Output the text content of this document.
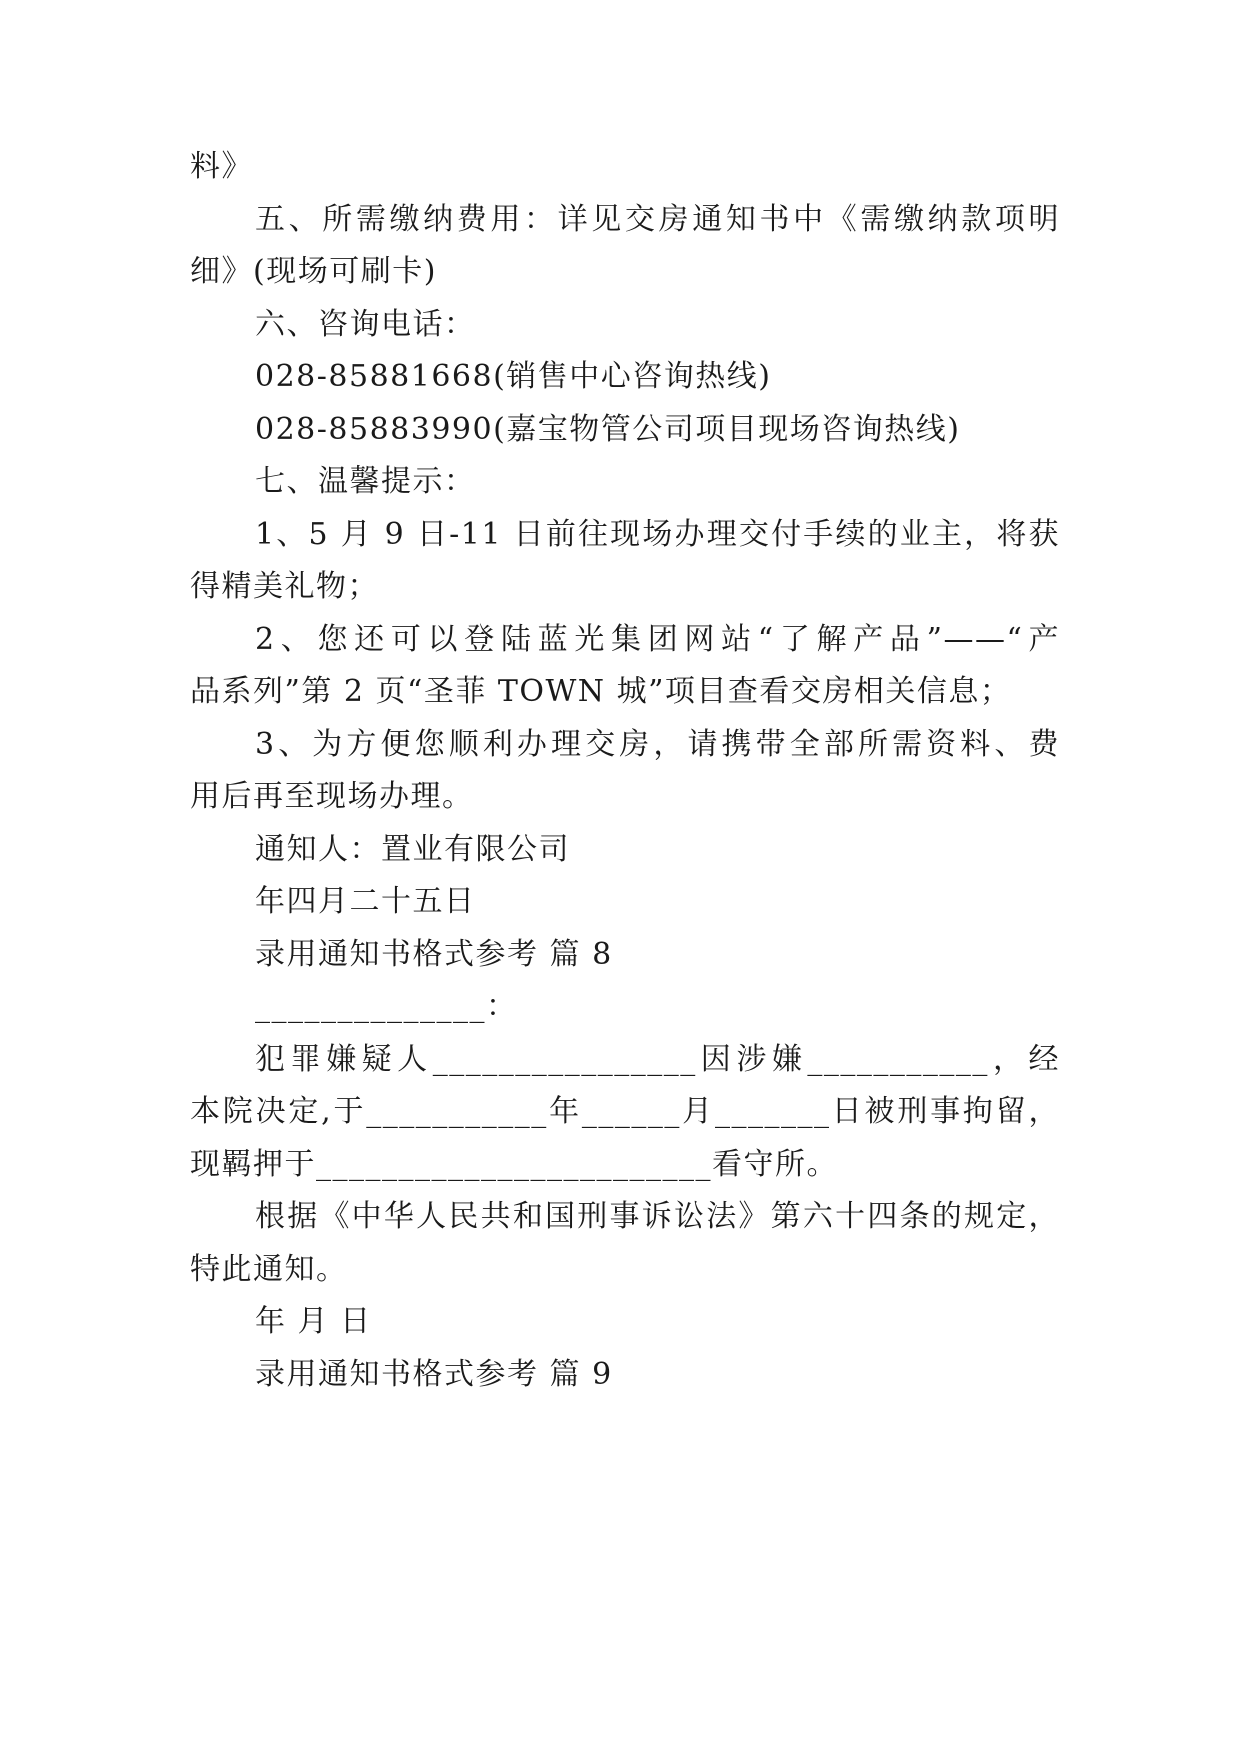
料》
五、所需缴纳费用：详见交房通知书中《需缴纳款项明
细》(现场可刷卡)
六、咨询电话：
028-85881668(销售中心咨询热线)
028-85883990(嘉宝物管公司项目现场咨询热线)
七、温馨提示：
1、5 月 9 日-11 日前往现场办理交付手续的业主，将获
得精美礼物；
2、您还可以登陆蓝光集团网站“了解产品”——“产
品系列”第 2 页“圣菲 TOWN 城”项目查看交房相关信息；
3、为方便您顺利办理交房，请携带全部所需资料、费
用后再至现场办理。
通知人：置业有限公司
年四月二十五日
录用通知书格式参考 篇 8
______________：
犯罪嫌疑人________________因涉嫌___________，经
本院决定,于___________年______月_______日被刑事拘留，
现羁押于________________________看守所。
根据《中华人民共和国刑事诉讼法》第六十四条的规定，
特此通知。
年 月 日
录用通知书格式参考 篇 9
